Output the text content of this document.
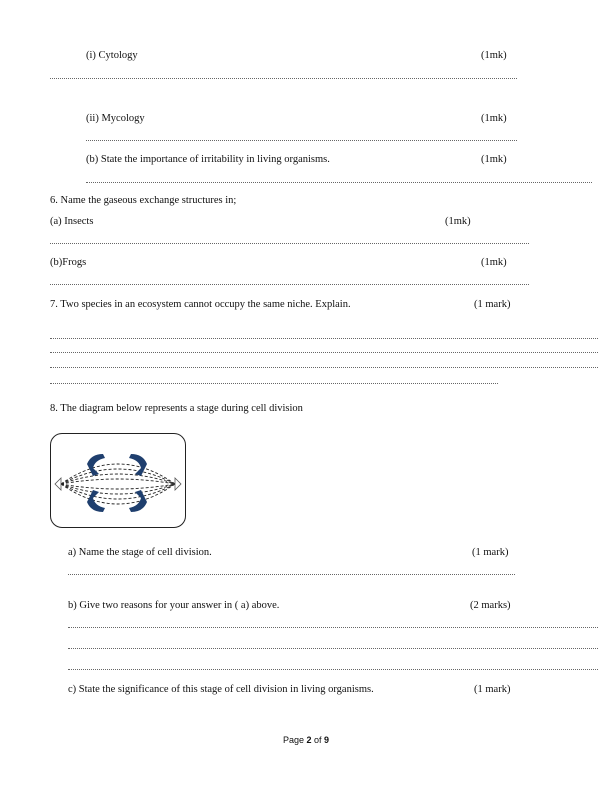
(i) Cytology	(1mk)
(ii) Mycology	(1mk)
(b) State the importance of irritability in living organisms.	(1mk)
6. Name the gaseous exchange structures in;
(a) Insects	(1mk)
(b)Frogs	(1mk)
7. Two species in an ecosystem cannot occupy the same niche. Explain.	(1 mark)
8. The diagram below represents a stage during cell division
a) Name the stage of cell division.	(1 mark)
b) Give two reasons for your answer in ( a) above.	(2 marks)
c) State the significance of this stage of cell division in living organisms.	(1 mark)
Page 2 of 9
